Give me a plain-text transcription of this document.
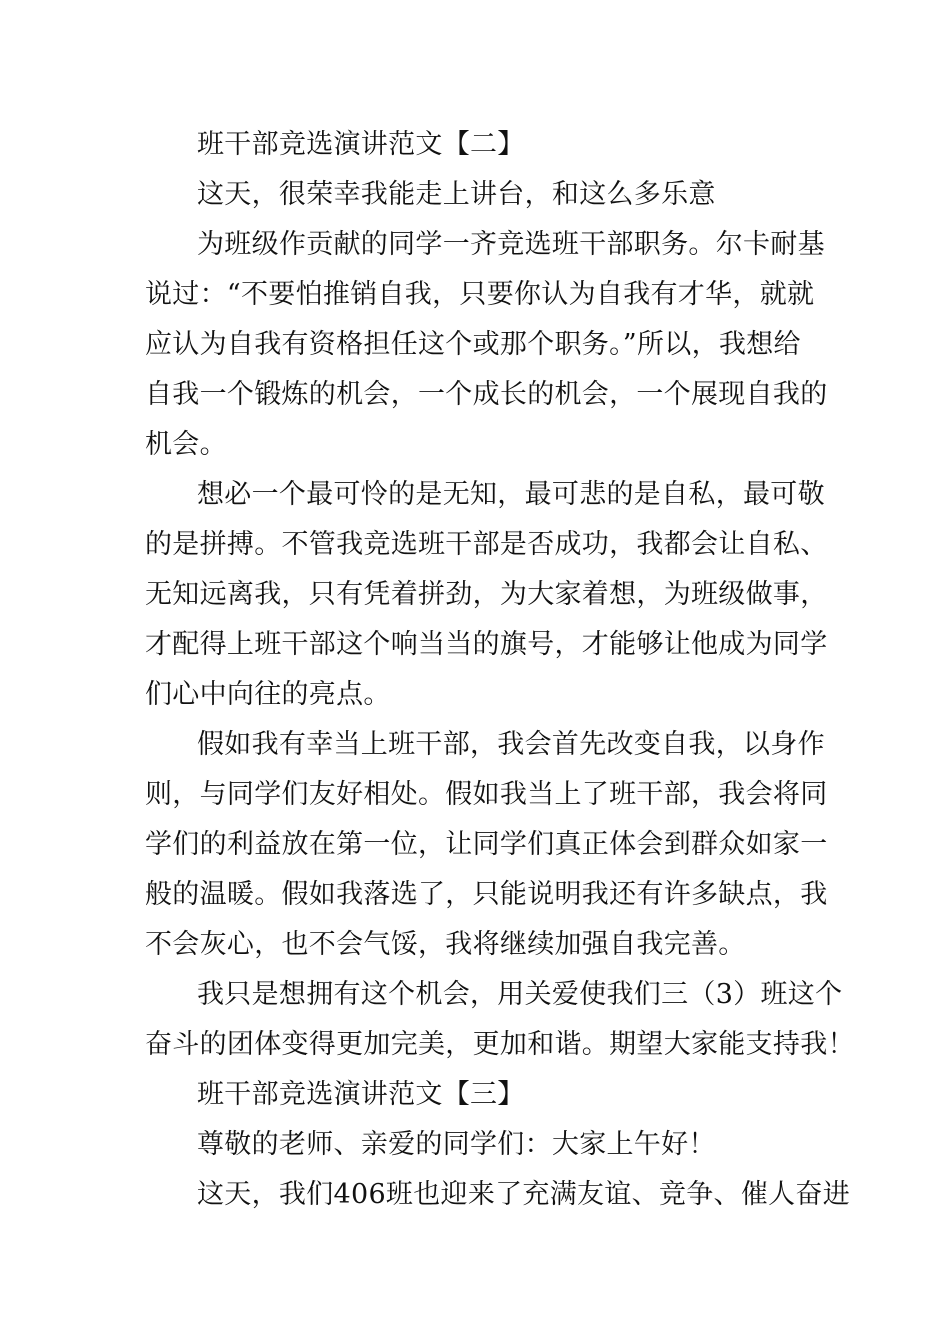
班干部竞选演讲范文【二】
这天，很荣幸我能走上讲台，和这么多乐意
为班级作贡献的同学一齐竞选班干部职务。尔卡耐基
说过：“不要怕推销自我，只要你认为自我有才华，就就
应认为自我有资格担任这个或那个职务。”所以，我想给
自我一个锻炼的机会，一个成长的机会，一个展现自我的
机会。
想必一个最可怜的是无知，最可悲的是自私，最可敬
的是拼搏。不管我竞选班干部是否成功，我都会让自私、
无知远离我，只有凭着拼劲，为大家着想，为班级做事，
才配得上班干部这个响当当的旗号，才能够让他成为同学
们心中向往的亮点。
假如我有幸当上班干部，我会首先改变自我，以身作
则，与同学们友好相处。假如我当上了班干部，我会将同
学们的利益放在第一位，让同学们真正体会到群众如家一
般的温暖。假如我落选了，只能说明我还有许多缺点，我
不会灰心，也不会气馁，我将继续加强自我完善。
我只是想拥有这个机会，用关爱使我们三（3）班这个
奋斗的团体变得更加完美，更加和谐。期望大家能支持我！
班干部竞选演讲范文【三】
尊敬的老师、亲爱的同学们：大家上午好！
这天，我们406班也迎来了充满友谊、竞争、催人奋进
